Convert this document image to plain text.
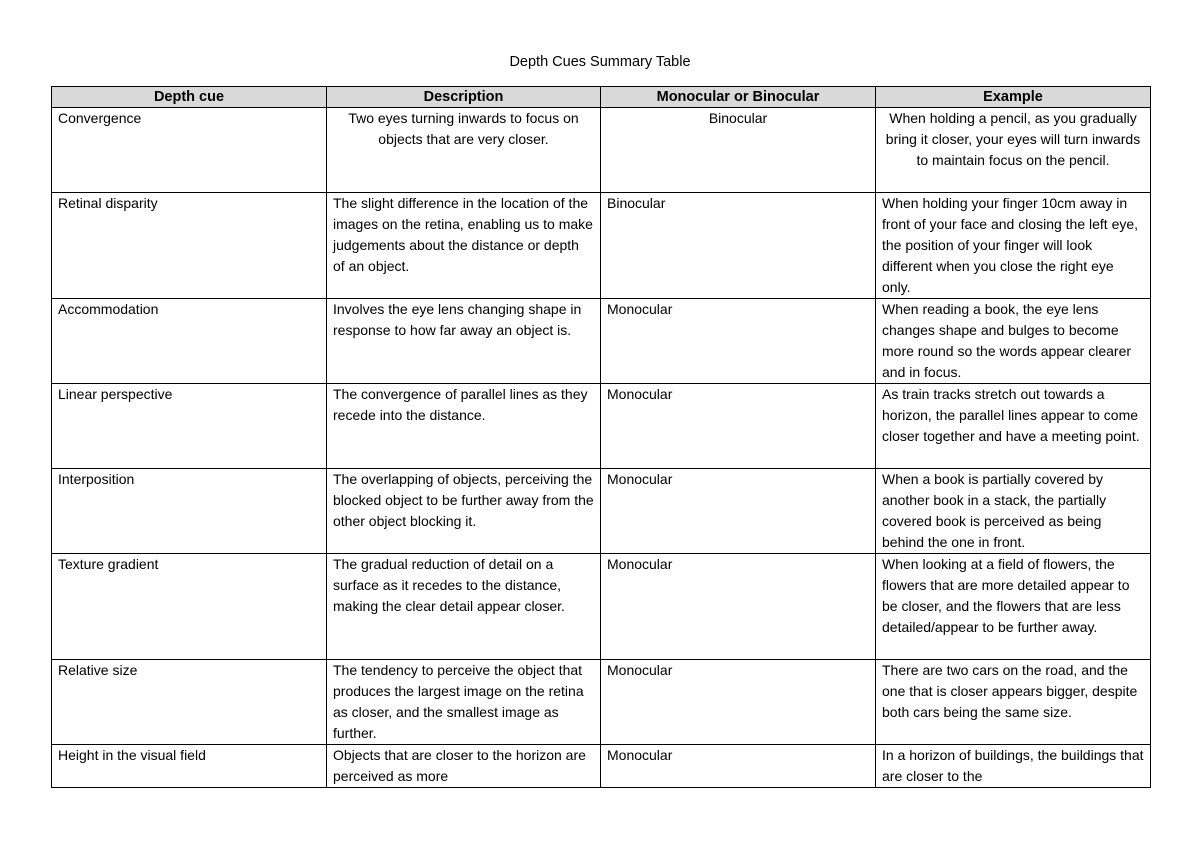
Depth Cues Summary Table
Depth cue	Description	Monocular or Binocular	Example
Convergence	Two eyes turning inwards to focus on objects that are very closer.	Binocular	When holding a pencil, as you gradually bring it closer, your eyes will turn inwards to maintain focus on the pencil.
Retinal disparity	The slight difference in the location of the images on the retina, enabling us to make judgements about the distance or depth of an object.	Binocular	When holding your finger 10cm away in front of your face and closing the left eye, the position of your finger will look different when you close the right eye only.
Accommodation	Involves the eye lens changing shape in response to how far away an object is.	Monocular	When reading a book, the eye lens changes shape and bulges to become more round so the words appear clearer and in focus.
Linear perspective	The convergence of parallel lines as they recede into the distance.	Monocular	As train tracks stretch out towards a horizon, the parallel lines appear to come closer together and have a meeting point.
Interposition	The overlapping of objects, perceiving the blocked object to be further away from the other object blocking it.	Monocular	When a book is partially covered by another book in a stack, the partially covered book is perceived as being behind the one in front.
Texture gradient	The gradual reduction of detail on a surface as it recedes to the distance, making the clear detail appear closer.	Monocular	When looking at a field of flowers, the flowers that are more detailed appear to be closer, and the flowers that are less detailed/appear to be further away.
Relative size	The tendency to perceive the object that produces the largest image on the retina as closer, and the smallest image as further.	Monocular	There are two cars on the road, and the one that is closer appears bigger, despite both cars being the same size.
Height in the visual field	Objects that are closer to the horizon are perceived as more	Monocular	In a horizon of buildings, the buildings that are closer to the
